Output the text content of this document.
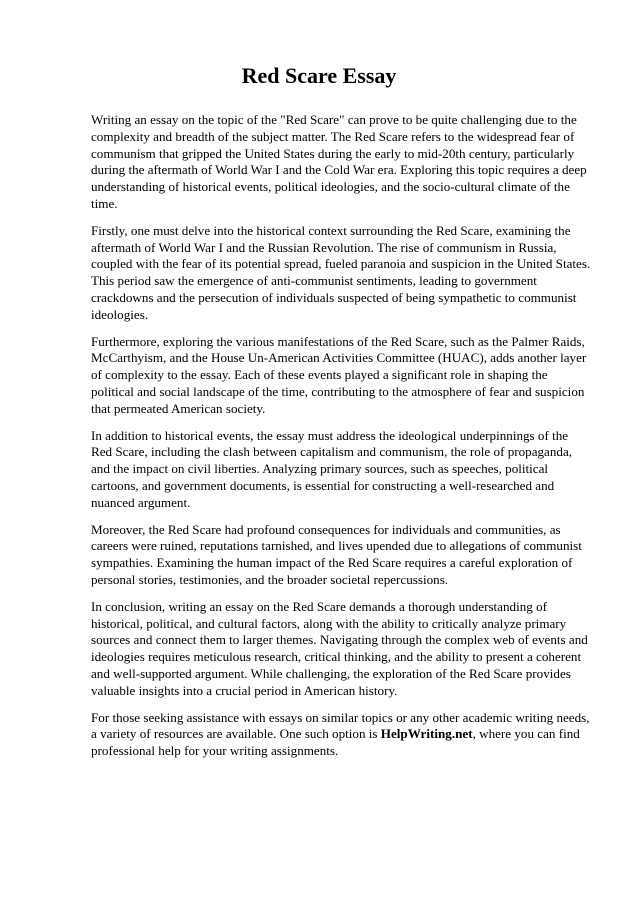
Red Scare Essay

Writing an essay on the topic of the "Red Scare" can prove to be quite challenging due to the complexity and breadth of the subject matter. The Red Scare refers to the widespread fear of communism that gripped the United States during the early to mid-20th century, particularly during the aftermath of World War I and the Cold War era. Exploring this topic requires a deep understanding of historical events, political ideologies, and the socio-cultural climate of the time.

Firstly, one must delve into the historical context surrounding the Red Scare, examining the aftermath of World War I and the Russian Revolution. The rise of communism in Russia, coupled with the fear of its potential spread, fueled paranoia and suspicion in the United States. This period saw the emergence of anti-communist sentiments, leading to government crackdowns and the persecution of individuals suspected of being sympathetic to communist ideologies.

Furthermore, exploring the various manifestations of the Red Scare, such as the Palmer Raids, McCarthyism, and the House Un-American Activities Committee (HUAC), adds another layer of complexity to the essay. Each of these events played a significant role in shaping the political and social landscape of the time, contributing to the atmosphere of fear and suspicion that permeated American society.

In addition to historical events, the essay must address the ideological underpinnings of the Red Scare, including the clash between capitalism and communism, the role of propaganda, and the impact on civil liberties. Analyzing primary sources, such as speeches, political cartoons, and government documents, is essential for constructing a well-researched and nuanced argument.

Moreover, the Red Scare had profound consequences for individuals and communities, as careers were ruined, reputations tarnished, and lives upended due to allegations of communist sympathies. Examining the human impact of the Red Scare requires a careful exploration of personal stories, testimonies, and the broader societal repercussions.

In conclusion, writing an essay on the Red Scare demands a thorough understanding of historical, political, and cultural factors, along with the ability to critically analyze primary sources and connect them to larger themes. Navigating through the complex web of events and ideologies requires meticulous research, critical thinking, and the ability to present a coherent and well-supported argument. While challenging, the exploration of the Red Scare provides valuable insights into a crucial period in American history.

For those seeking assistance with essays on similar topics or any other academic writing needs, a variety of resources are available. One such option is HelpWriting.net, where you can find professional help for your writing assignments.
